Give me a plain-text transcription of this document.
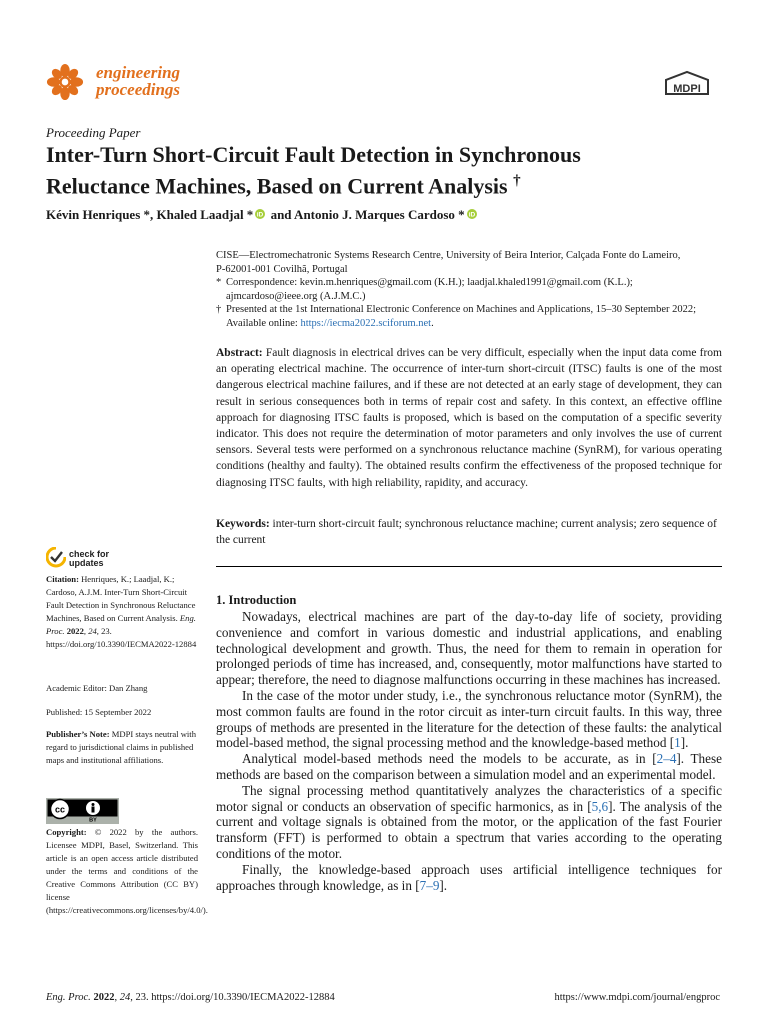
engineering
proceedings	MDPI
Proceeding Paper
Inter-Turn Short-Circuit Fault Detection in Synchronous Reluctance Machines, Based on Current Analysis †
Kévin Henriques *, Khaled Laadjal * iD and Antonio J. Marques Cardoso * iD
CISE—Electromechatronic Systems Research Centre, University of Beira Interior, Calçada Fonte do Lameiro,
P-62001-001 Covilhã, Portugal
* Correspondence: kevin.m.henriques@gmail.com (K.H.); laadjal.khaled1991@gmail.com (K.L.);
ajmcardoso@ieee.org (A.J.M.C.)
† Presented at the 1st International Electronic Conference on Machines and Applications, 15–30 September 2022;
Available online: https://iecma2022.sciforum.net.
Abstract: Fault diagnosis in electrical drives can be very difficult, especially when the input data come from an operating electrical machine. The occurrence of inter-turn short-circuit (ITSC) faults is one of the most dangerous electrical machine failures, and if these are not detected at an early stage of development, they can result in serious consequences both in terms of repair cost and safety. In this context, an effective offline approach for diagnosing ITSC faults is proposed, which is based on the computation of a specific severity indicator. This does not require the determination of motor parameters and only involves the use of current sensors. Several tests were performed on a synchronous reluctance machine (SynRM), for various operating conditions (healthy and faulty). The obtained results confirm the effectiveness of the proposed technique for diagnosing ITSC faults, with high reliability, rapidity, and accuracy.
Keywords: inter-turn short-circuit fault; synchronous reluctance machine; current analysis; zero sequence of the current
1. Introduction

Nowadays, electrical machines are part of the day-to-day life of society, providing convenience and comfort in various domestic and industrial applications, and enabling technological development and growth. Thus, the need for them to remain in operation for prolonged periods of time has increased, and, consequently, motor malfunctions have started to appear; therefore, the need to diagnose malfunctions occurring in these machines has increased.

In the case of the motor under study, i.e., the synchronous reluctance motor (SynRM), the most common faults are found in the rotor circuit as inter-turn circuit faults. In this way, three groups of methods are presented in the literature for the detection of these faults: the analytical model-based method, the signal processing method and the knowledge-based method [1].

Analytical model-based methods need the models to be accurate, as in [2–4]. These methods are based on the comparison between a simulation model and an experimental model.

The signal processing method quantitatively analyzes the characteristics of a specific motor signal or conducts an observation of specific harmonics, as in [5,6]. The analysis of the current and voltage signals is obtained from the motor, or the application of the fast Fourier transform (FFT) is performed to obtain a spectrum that varies according to the operating conditions of the motor.

Finally, the knowledge-based approach uses artificial intelligence techniques for approaches through knowledge, as in [7–9].

check for
updates
Citation: Henriques, K.; Laadjal, K.; Cardoso, A.J.M. Inter-Turn Short-Circuit Fault Detection in Synchronous Reluctance Machines, Based on Current Analysis. Eng. Proc. 2022, 24, 23. https://doi.org/10.3390/IECMA2022-12884
Academic Editor: Dan Zhang
Published: 15 September 2022
Publisher’s Note: MDPI stays neutral with regard to jurisdictional claims in published maps and institutional affiliations.
cc
BY
Copyright: © 2022 by the authors. Licensee MDPI, Basel, Switzerland. This article is an open access article distributed under the terms and conditions of the Creative Commons Attribution (CC BY) license (https://creativecommons.org/licenses/by/4.0/).
Eng. Proc. 2022, 24, 23. https://doi.org/10.3390/IECMA2022-12884	https://www.mdpi.com/journal/engproc
